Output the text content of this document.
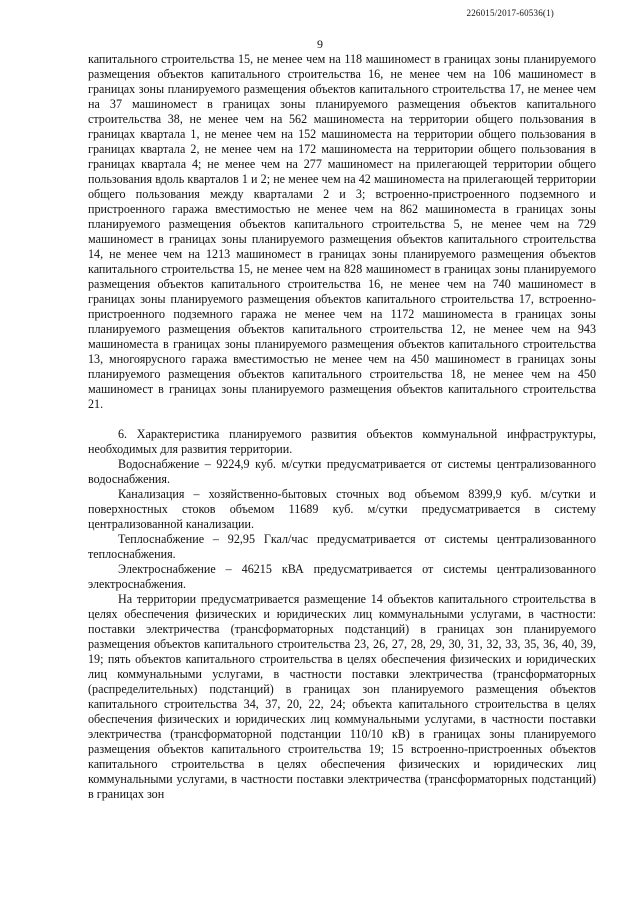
226015/2017-60536(1)
9

капитального строительства 15, не менее чем на 118 машиномест в границах зоны планируемого размещения объектов капитального строительства 16, не менее чем на 106 машиномест в границах зоны планируемого размещения объектов капитального строительства 17, не менее чем на 37 машиномест в границах зоны планируемого размещения объектов капитального строительства 38, не менее чем на 562 машиноместа на территории общего пользования в границах квартала 1, не менее чем на 152 машиноместа на территории общего пользования в границах квартала 2, не менее чем на 172 машиноместа на территории общего пользования в границах квартала 4; не менее чем на 277 машиномест на прилегающей территории общего пользования вдоль кварталов 1 и 2; не менее чем на 42 машиноместа на прилегающей территории общего пользования между кварталами 2 и 3; встроенно-пристроенного подземного и пристроенного гаража вместимостью не менее чем на 862 машиноместа в границах зоны планируемого размещения объектов капитального строительства 5, не менее чем на 729 машиномест в границах зоны планируемого размещения объектов капитального строительства 14, не менее чем на 1213 машиномест в границах зоны планируемого размещения объектов капитального строительства 15, не менее чем на 828 машиномест в границах зоны планируемого размещения объектов капитального строительства 16, не менее чем на 740 машиномест в границах зоны планируемого размещения объектов капитального строительства 17, встроенно-пристроенного подземного гаража не менее чем на 1172 машиноместа в границах зоны планируемого размещения объектов капитального строительства 12, не менее чем на 943 машиноместа в границах зоны планируемого размещения объектов капитального строительства 13, многоярусного гаража вместимостью не менее чем на 450 машиномест в границах зоны планируемого размещения объектов капитального строительства 18, не менее чем на 450 машиномест в границах зоны планируемого размещения объектов капитального строительства 21.

6. Характеристика планируемого развития объектов коммунальной инфраструктуры, необходимых для развития территории.

Водоснабжение – 9224,9 куб. м/сутки предусматривается от системы централизованного водоснабжения.

Канализация – хозяйственно-бытовых сточных вод объемом 8399,9 куб. м/сутки и поверхностных стоков объемом 11689 куб. м/сутки предусматривается в систему централизованной канализации.

Теплоснабжение – 92,95 Гкал/час предусматривается от системы централизованного теплоснабжения.

Электроснабжение – 46215 кВА предусматривается от системы централизованного электроснабжения.

На территории предусматривается размещение 14 объектов капитального строительства в целях обеспечения физических и юридических лиц коммунальными услугами, в частности: поставки электричества (трансформаторных подстанций) в границах зон планируемого размещения объектов капитального строительства 23, 26, 27, 28, 29, 30, 31, 32, 33, 35, 36, 40, 39, 19; пять объектов капитального строительства в целях обеспечения физических и юридических лиц коммунальными услугами, в частности поставки электричества (трансформаторных (распределительных) подстанций) в границах зон планируемого размещения объектов капитального строительства 34, 37, 20, 22, 24; объекта капитального строительства в целях обеспечения физических и юридических лиц коммунальными услугами, в частности поставки электричества (трансформаторной подстанции 110/10 кВ) в границах зоны планируемого размещения объектов капитального строительства 19; 15 встроенно-пристроенных объектов капитального строительства в целях обеспечения физических и юридических лиц коммунальными услугами, в частности поставки электричества (трансформаторных подстанций) в границах зон
